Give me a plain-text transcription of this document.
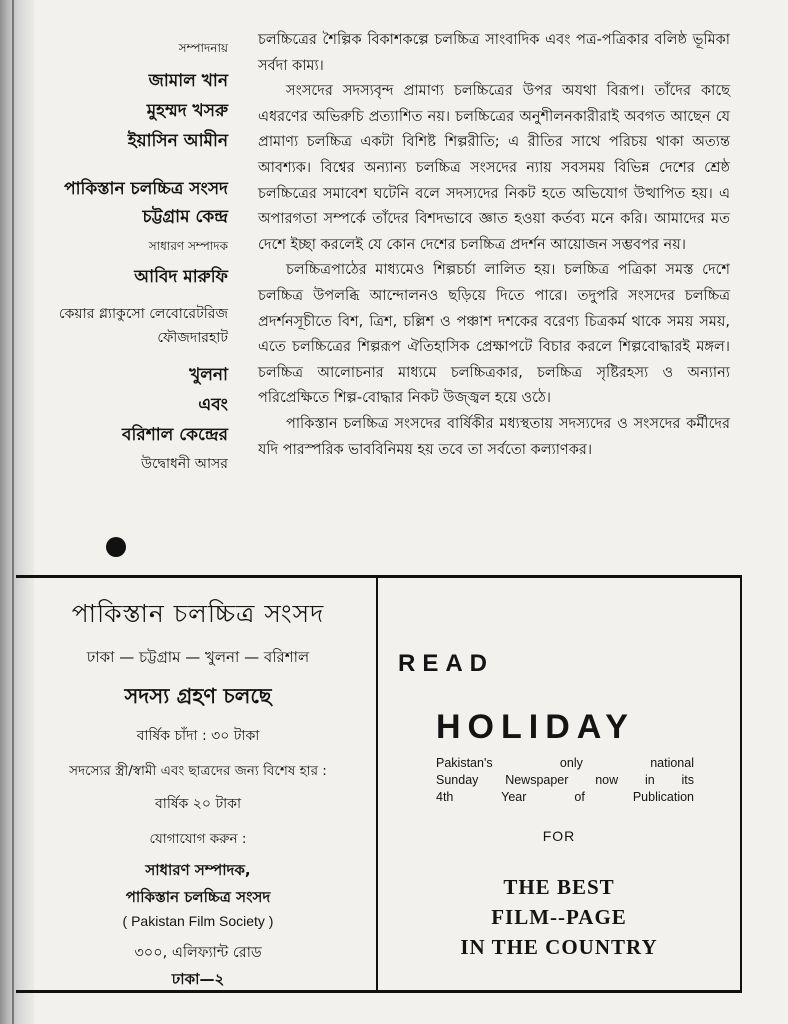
সম্পাদনায়
জামাল খান
মুহম্মদ খসরু
ইয়াসিন আমীন
পাকিস্তান চলচ্চিত্র সংসদ
চট্টগ্রাম কেন্দ্র
সাধারণ সম্পাদক
আবিদ মারুফি
কেয়ার গ্ল্যাকুসো লেবোরেটরিজ
ফৌজদারহাট
খুলনা
এবং
বরিশাল কেন্দ্রের
উদ্বোধনী আসর

চলচ্চিত্রের শৈল্পিক বিকাশকল্পে চলচ্চিত্র সাংবাদিক এবং পত্র-পত্রিকার বলিষ্ঠ ভূমিকা সর্বদা কাম্য।

সংসদের সদস্যবৃন্দ প্রামাণ্য চলচ্চিত্রের উপর অযথা বিরূপ। তাঁদের কাছে এধরণের অভিরুচি প্রত্যাশিত নয়। চলচ্চিত্রের অনুশীলনকারীরাই অবগত আছেন যে প্রামাণ্য চলচ্চিত্র একটা বিশিষ্ট শিল্পরীতি; এ রীতির সাথে পরিচয় থাকা অত্যন্ত আবশ্যক। বিশ্বের অন্যান্য চলচ্চিত্র সংসদের ন্যায় সবসময় বিভিন্ন দেশের শ্রেষ্ঠ চলচ্চিত্রের সমাবেশ ঘটেনি বলে সদস্যদের নিকট হতে অভিযোগ উত্থাপিত হয়। এ অপারগতা সম্পর্কে তাঁদের বিশদভাবে জ্ঞাত হওয়া কর্তব্য মনে করি। আমাদের মত দেশে ইচ্ছা করলেই যে কোন দেশের চলচ্চিত্র প্রদর্শন আয়োজন সম্ভবপর নয়।

চলচ্চিত্রপাঠের মাধ্যমেও শিল্পচর্চা লালিত হয়। চলচ্চিত্র পত্রিকা সমস্ত দেশে চলচ্চিত্র উপলব্ধি আন্দোলনও ছড়িয়ে দিতে পারে। তদুপরি সংসদের চলচ্চিত্র প্রদর্শনসূচীতে বিশ, ত্রিশ, চল্লিশ ও পঞ্চাশ দশকের বরেণ্য চিত্রকর্ম থাকে সময় সময়, এতে চলচ্চিত্রের শিল্পরূপ ঐতিহাসিক প্রেক্ষাপটে বিচার করলে শিল্পবোদ্ধারই মঙ্গল। চলচ্চিত্র আলোচনার মাধ্যমে চলচ্চিত্রকার, চলচ্চিত্র সৃষ্টিরহস্য ও অন্যান্য পরিপ্রেক্ষিতে শিল্প-বোদ্ধার নিকট উজ্জ্বল হয়ে ওঠে।

পাকিস্তান চলচ্চিত্র সংসদের বার্ষিকীর মধ্যস্থতায় সদস্যদের ও সংসদের কর্মীদের যদি পারস্পরিক ভাববিনিময় হয় তবে তা সর্বতো কল্যাণকর।

পাকিস্তান চলচ্চিত্র সংসদ
ঢাকা — চট্টগ্রাম — খুলনা — বরিশাল
সদস্য গ্রহণ চলছে
বার্ষিক চাঁদা : ৩০ টাকা
সদস্যের স্ত্রী/স্বামী এবং ছাত্রদের জন্য বিশেষ হার :
বার্ষিক ২০ টাকা
যোগাযোগ করুন :
সাধারণ সম্পাদক,
পাকিস্তান চলচ্চিত্র সংসদ
( Pakistan Film Society )
৩০০, এলিফ্যান্ট রোড
ঢাকা—২
READ
HOLIDAY
Pakistan's only national
Sunday Newspaper now in its
4th Year of Publication
FOR
THE BEST
FILM--PAGE
IN THE COUNTRY
